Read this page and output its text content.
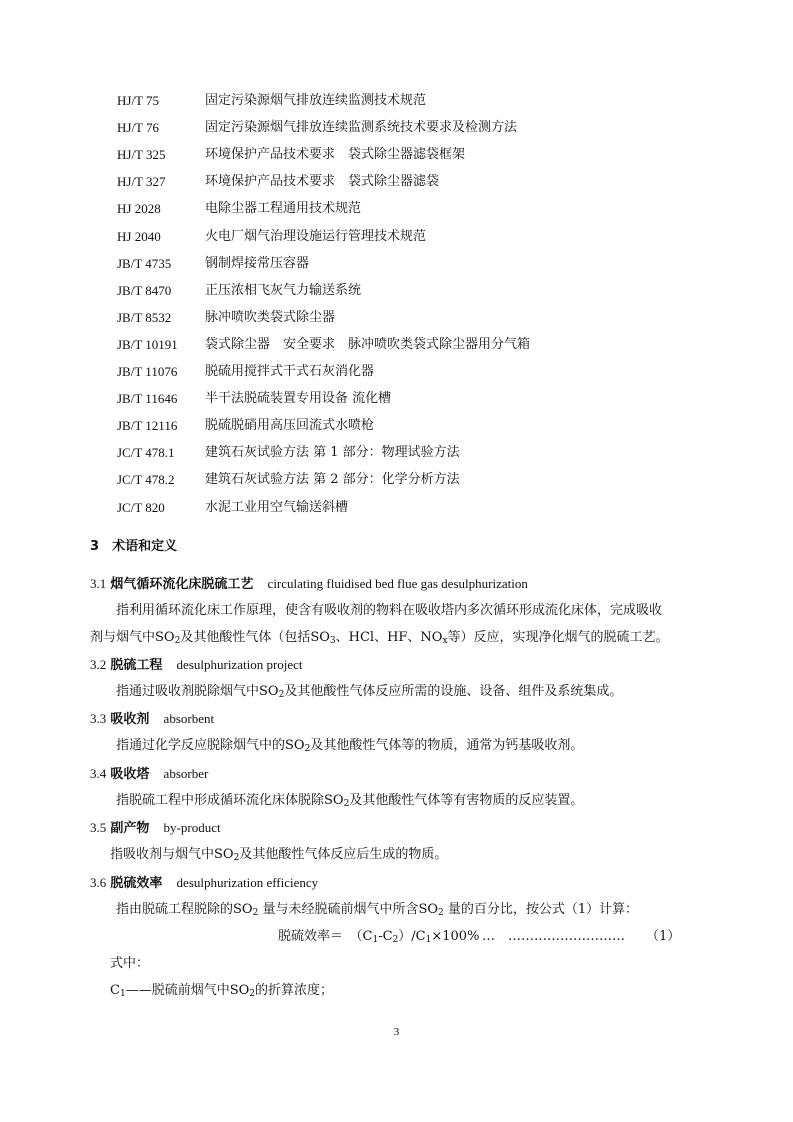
HJ/T 75	固定污染源烟气排放连续监测技术规范
HJ/T 76	固定污染源烟气排放连续监测系统技术要求及检测方法
HJ/T 325	环境保护产品技术要求　袋式除尘器滤袋框架
HJ/T 327	环境保护产品技术要求　袋式除尘器滤袋
HJ 2028	电除尘器工程通用技术规范
HJ 2040	火电厂烟气治理设施运行管理技术规范
JB/T 4735	钢制焊接常压容器
JB/T 8470	正压浓相飞灰气力输送系统
JB/T 8532	脉冲喷吹类袋式除尘器
JB/T 10191 袋式除尘器　安全要求　脉冲喷吹类袋式除尘器用分气箱
JB/T 11076 脱硫用搅拌式干式石灰消化器
JB/T 11646 半干法脱硫装置专用设备 流化槽
JB/T 12116 脱硫脱硝用高压回流式水喷枪
JC/T 478.1 建筑石灰试验方法 第 1 部分：物理试验方法
JC/T 478.2 建筑石灰试验方法 第 2 部分：化学分析方法
JC/T 820	水泥工业用空气输送斜槽
3　 术语和定义
3.1 烟气循环流化床脱硫工艺 circulating fluidised bed flue gas desulphurization
指利用循环流化床工作原理，使含有吸收剂的物料在吸收塔内多次循环形成流化床体，完成吸收
剂与烟气中$SO_2$及其他酸性气体（包括$SO_3$、HCl、HF、$NO_x$等）反应，实现净化烟气的脱硫工艺。
3.2 脱硫工程 desulphurization project
指通过吸收剂脱除烟气中$SO_2$及其他酸性气体反应所需的设施、设备、组件及系统集成。
3.3 吸收剂 absorbent
指通过化学反应脱除烟气中的$SO_2$及其他酸性气体等的物质，通常为钙基吸收剂。
3.4 吸收塔 absorber
指脱硫工程中形成循环流化床体脱除$SO_2$及其他酸性气体等有害物质的反应装置。
3.5 副产物 by-product
指吸收剂与烟气中$SO_2$及其他酸性气体反应后生成的物质。
3.6 脱硫效率 desulphurization efficiency
指由脱硫工程脱除的$SO_2$ 量与未经脱硫前烟气中所含$SO_2$ 量的百分比，按公式（1）计算：
脱硫效率＝　 $(C_1-C_2)/C_1\times 100\%$ …　……………………… （1）
式中：
$C_1——$脱硫前烟气中$SO_2$的折算浓度；
3
